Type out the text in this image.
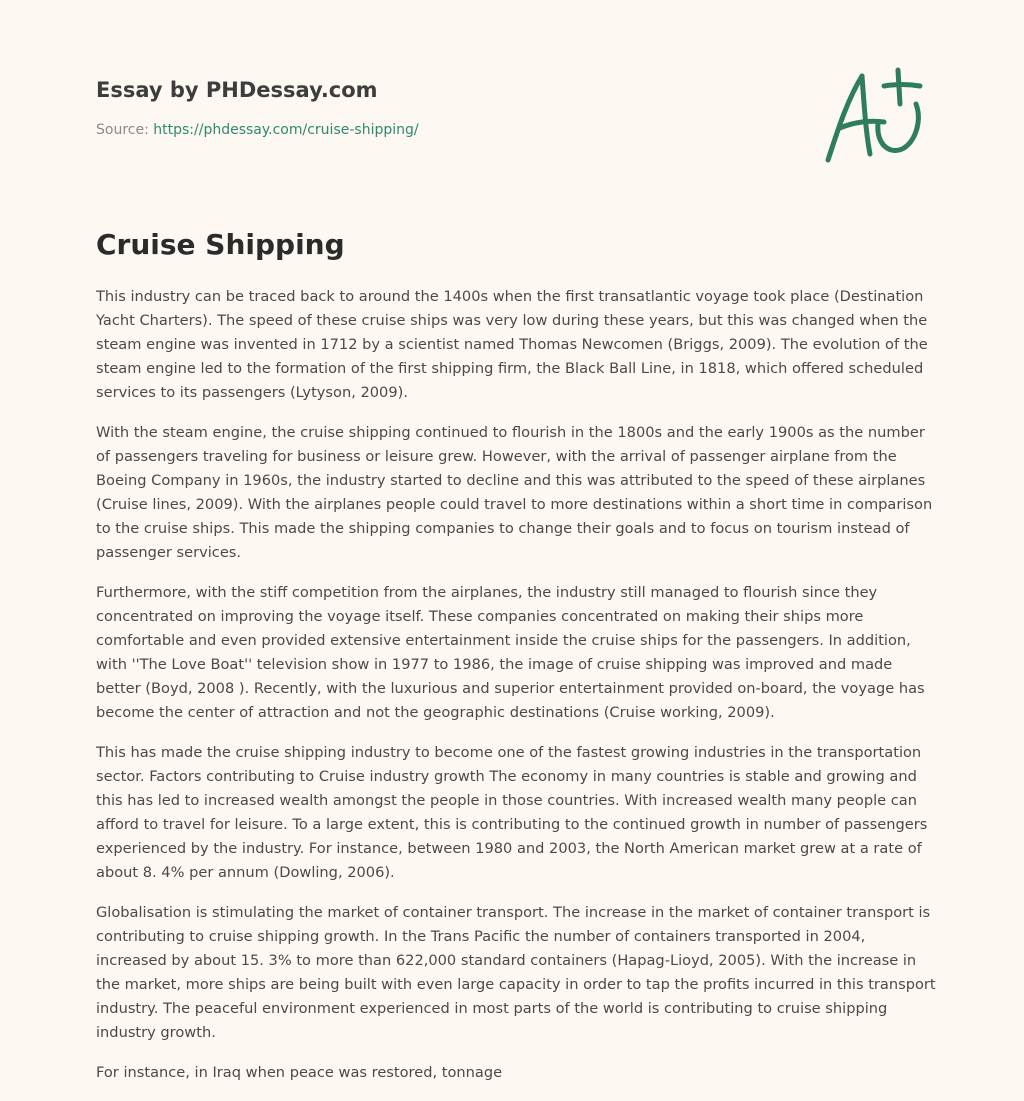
Essay by PHDessay.com
Source: https://phdessay.com/cruise-shipping/
Cruise Shipping

This industry can be traced back to around the 1400s when the first transatlantic voyage took place (Destination Yacht Charters). The speed of these cruise ships was very low during these years, but this was changed when the steam engine was invented in 1712 by a scientist named Thomas Newcomen (Briggs, 2009). The evolution of the steam engine led to the formation of the first shipping firm, the Black Ball Line, in 1818, which offered scheduled services to its passengers (Lytyson, 2009).

With the steam engine, the cruise shipping continued to flourish in the 1800s and the early 1900s as the number of passengers traveling for business or leisure grew. However, with the arrival of passenger airplane from the Boeing Company in 1960s, the industry started to decline and this was attributed to the speed of these airplanes (Cruise lines, 2009). With the airplanes people could travel to more destinations within a short time in comparison to the cruise ships. This made the shipping companies to change their goals and to focus on tourism instead of passenger services.

Furthermore, with the stiff competition from the airplanes, the industry still managed to flourish since they concentrated on improving the voyage itself. These companies concentrated on making their ships more comfortable and even provided extensive entertainment inside the cruise ships for the passengers. In addition, with ''The Love Boat'' television show in 1977 to 1986, the image of cruise shipping was improved and made better (Boyd, 2008 ). Recently, with the luxurious and superior entertainment provided on-board, the voyage has become the center of attraction and not the geographic destinations (Cruise working, 2009).

This has made the cruise shipping industry to become one of the fastest growing industries in the transportation sector. Factors contributing to Cruise industry growth The economy in many countries is stable and growing and this has led to increased wealth amongst the people in those countries. With increased wealth many people can afford to travel for leisure. To a large extent, this is contributing to the continued growth in number of passengers experienced by the industry. For instance, between 1980 and 2003, the North American market grew at a rate of about 8. 4% per annum (Dowling, 2006).

Globalisation is stimulating the market of container transport. The increase in the market of container transport is contributing to cruise shipping growth. In the Trans Pacific the number of containers transported in 2004, increased by about 15. 3% to more than 622,000 standard containers (Hapag-Lioyd, 2005). With the increase in the market, more ships are being built with even large capacity in order to tap the profits incurred in this transport industry. The peaceful environment experienced in most parts of the world is contributing to cruise shipping industry growth.

For instance, in Iraq when peace was restored, tonnage
